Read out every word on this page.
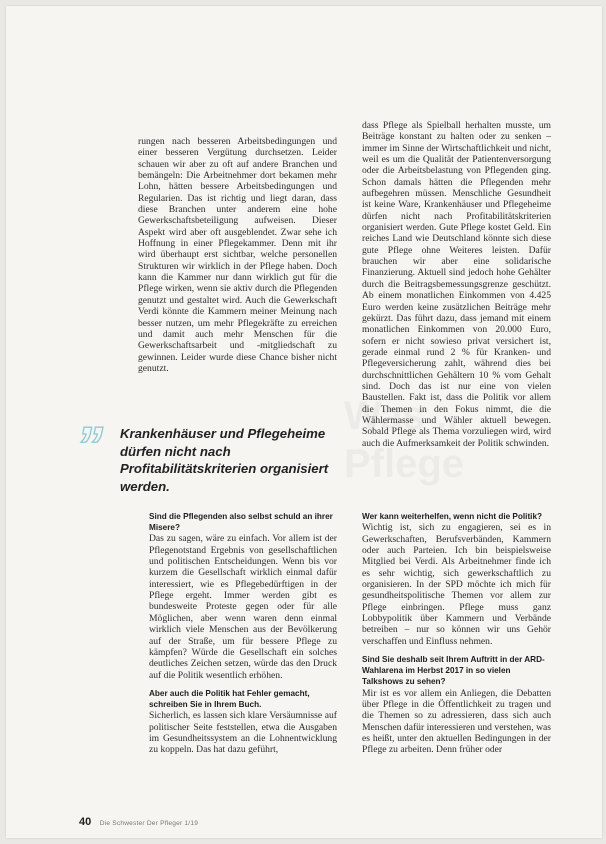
rungen nach besseren Arbeitsbedingungen und einer besseren Vergütung durchsetzen. Leider schauen wir aber zu oft auf andere Branchen und bemängeln: Die Arbeitnehmer dort bekamen mehr Lohn, hätten bessere Arbeitsbedingungen und Regularien. Das ist richtig und liegt daran, dass diese Branchen unter anderem eine hohe Gewerkschaftsbeteiligung aufweisen. Dieser Aspekt wird aber oft ausgeblendet. Zwar sehe ich Hoffnung in einer Pflegekammer. Denn mit ihr wird überhaupt erst sichtbar, welche personellen Strukturen wir wirklich in der Pflege haben. Doch kann die Kammer nur dann wirklich gut für die Pflege wirken, wenn sie aktiv durch die Pflegenden genutzt und gestaltet wird. Auch die Gewerkschaft Verdi könnte die Kammern meiner Meinung nach besser nutzen, um mehr Pflegekräfte zu erreichen und damit auch mehr Menschen für die Gewerkschaftsarbeit und -mitgliedschaft zu gewinnen. Leider wurde diese Chance bisher nicht genutzt.

dass Pflege als Spielball herhalten musste, um Beiträge konstant zu halten oder zu senken – immer im Sinne der Wirtschaftlichkeit und nicht, weil es um die Qualität der Patientenversorgung oder die Arbeitsbelastung von Pflegenden ging. Schon damals hätten die Pflegenden mehr aufbegehren müssen. Menschliche Gesundheit ist keine Ware, Krankenhäuser und Pflegeheime dürfen nicht nach Profitabilitätskriterien organisiert werden. Gute Pflege kostet Geld. Ein reiches Land wie Deutschland könnte sich diese gute Pflege ohne Weiteres leisten. Dafür brauchen wir aber eine solidarische Finanzierung. Aktuell sind jedoch hohe Gehälter durch die Beitragsbemessungsgrenze geschützt. Ab einem monatlichen Einkommen von 4.425 Euro werden keine zusätzlichen Beiträge mehr gekürzt. Das führt dazu, dass jemand mit einem monatlichen Einkommen von 20.000 Euro, sofern er nicht sowieso privat versichert ist, gerade einmal rund 2 % für Kranken- und Pflegeversicherung zahlt, während dies bei durchschnittlichen Gehältern 10 % vom Gehalt sind. Doch das ist nur eine von vielen Baustellen. Fakt ist, dass die Politik vor allem die Themen in den Fokus nimmt, die die Wählermasse und Wähler aktuell bewegen. Sobald Pflege als Thema vorzuliegen wird, wird auch die Aufmerksamkeit der Politik schwinden.

” Krankenhäuser und Pflegeheime dürfen nicht nach Profitabilitätskriterien organisiert werden.

Sind die Pflegenden also selbst schuld an ihrer Misere?

Das zu sagen, wäre zu einfach. Vor allem ist der Pflegenotstand Ergebnis von gesellschaftlichen und politischen Entscheidungen. Wenn bis vor kurzem die Gesellschaft wirklich einmal dafür interessiert, wie es Pflegebedürftigen in der Pflege ergeht. Immer werden gibt es bundesweite Proteste gegen oder für alle Möglichen, aber wenn waren denn einmal wirklich viele Menschen aus der Bevölkerung auf der Straße, um für bessere Pflege zu kämpfen? Würde die Gesellschaft ein solches deutliches Zeichen setzen, würde das den Druck auf die Politik wesentlich erhöhen.

Aber auch die Politik hat Fehler gemacht, schreiben Sie in Ihrem Buch.

Sicherlich, es lassen sich klare Versäumnisse auf politischer Seite feststellen, etwa die Ausgaben im Gesundheitssystem an die Lohnentwicklung zu koppeln. Das hat dazu geführt,

Wer kann weiterhelfen, wenn nicht die Politik?

Wichtig ist, sich zu engagieren, sei es in Gewerkschaften, Berufsverbänden, Kammern oder auch Parteien. Ich bin beispielsweise Mitglied bei Verdi. Als Arbeitnehmer finde ich es sehr wichtig, sich gewerkschaftlich zu organisieren. In der SPD möchte ich mich für gesundheitspolitische Themen vor allem zur Pflege einbringen. Pflege muss ganz Lobbypolitik über Kammern und Verbände betreiben – nur so können wir uns Gehör verschaffen und Einfluss nehmen.

Sind Sie deshalb seit Ihrem Auftritt in der ARD-Wahlarena im Herbst 2017 in so vielen Talkshows zu sehen?

Mir ist es vor allem ein Anliegen, die Debatten über Pflege in die Öffentlichkeit zu tragen und die Themen so zu adressieren, dass sich auch Menschen dafür interessieren und verstehen, was es heißt, unter den aktuellen Bedingungen in der Pflege zu arbeiten. Denn früher oder

40 Die Schwester Der Pfleger 1/19
